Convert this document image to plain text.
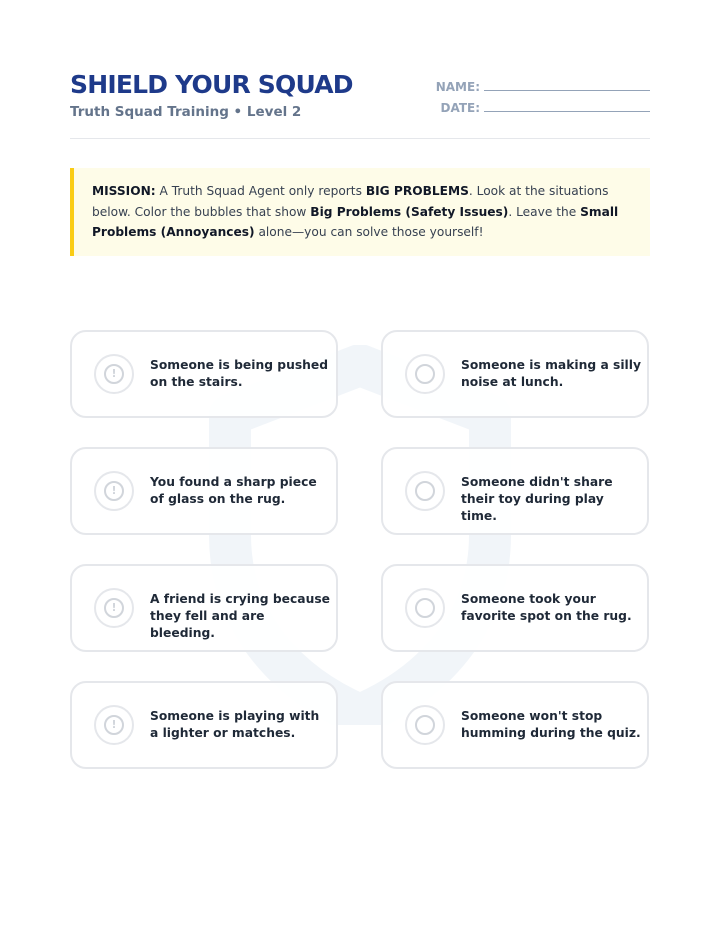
SHIELD YOUR SQUAD
Truth Squad Training • Level 2
NAME:
DATE:
MISSION: A Truth Squad Agent only reports BIG PROBLEMS. Look at the situations below. Color the bubbles that show Big Problems (Safety Issues). Leave the Small Problems (Annoyances) alone—you can solve those yourself!
!
Someone is being pushed on the stairs.
Someone is making a silly noise at lunch.
!
You found a sharp piece of glass on the rug.
Someone didn't share their toy during play time.
!
A friend is crying because they fell and are bleeding.
Someone took your favorite spot on the rug.
!
Someone is playing with a lighter or matches.
Someone won't stop humming during the quiz.
